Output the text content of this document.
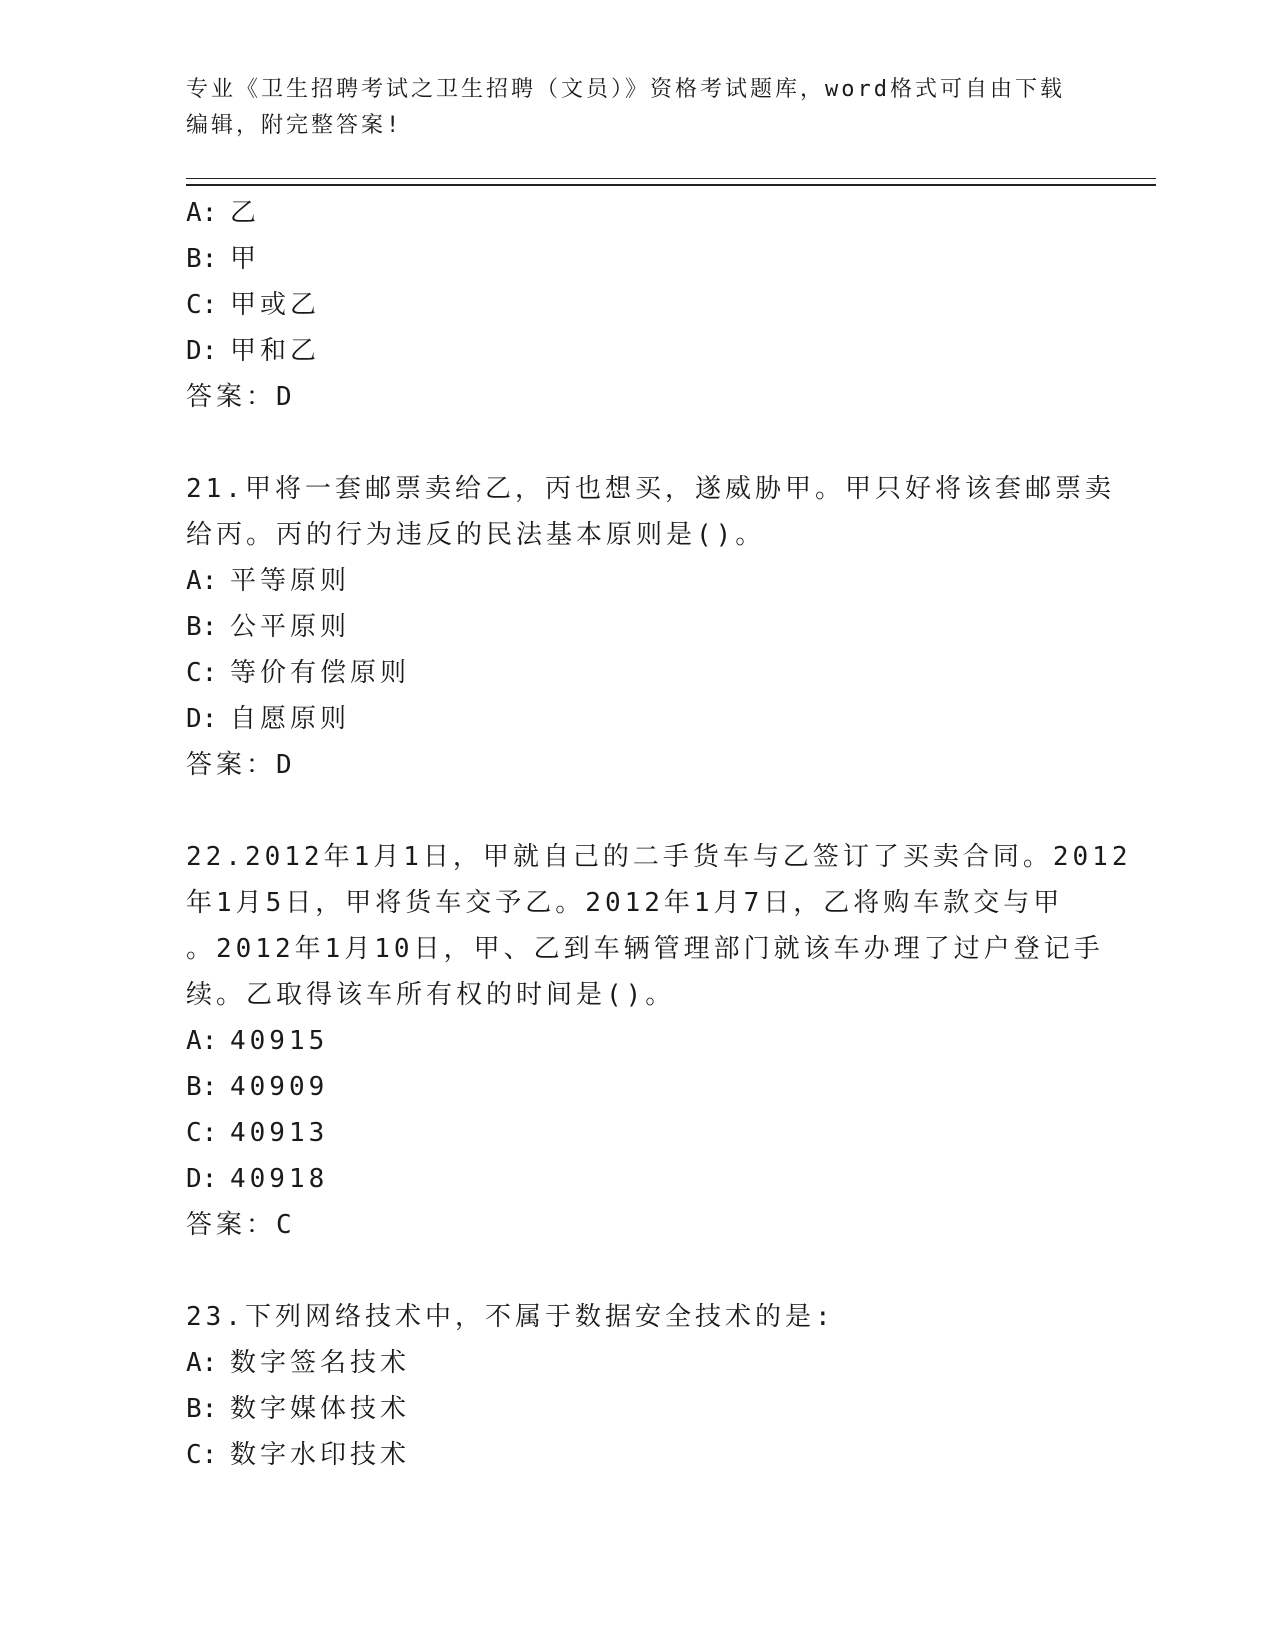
专业《卫生招聘考试之卫生招聘（文员）》资格考试题库，word格式可自由下载
编辑，附完整答案!
A: 乙
B: 甲
C: 甲或乙
D: 甲和乙
答案：D
21.甲将一套邮票卖给乙，丙也想买，遂威胁甲。甲只好将该套邮票卖
给丙。丙的行为违反的民法基本原则是()。
A: 平等原则
B: 公平原则
C: 等价有偿原则
D: 自愿原则
答案：D
22.2012年1月1日，甲就自己的二手货车与乙签订了买卖合同。2012
年1月5日，甲将货车交予乙。2012年1月7日，乙将购车款交与甲
。2012年1月10日，甲、乙到车辆管理部门就该车办理了过户登记手
续。乙取得该车所有权的时间是()。
A: 40915
B: 40909
C: 40913
D: 40918
答案：C
23.下列网络技术中，不属于数据安全技术的是:
A: 数字签名技术
B: 数字媒体技术
C: 数字水印技术
